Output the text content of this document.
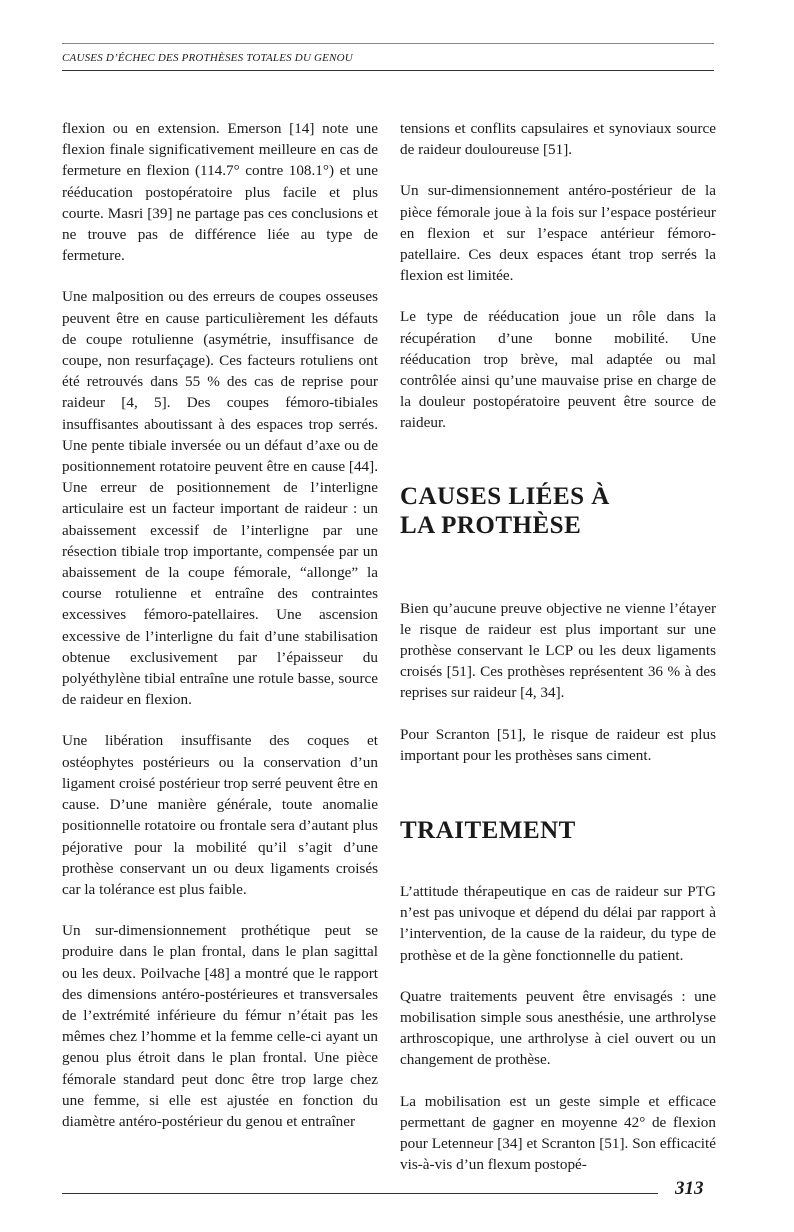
CAUSES D’ÉCHEC DES PROTHÈSES TOTALES DU GENOU

flexion ou en extension. Emerson [14] note une flexion finale significativement meilleure en cas de fermeture en flexion (114.7° contre 108.1°) et une rééducation postopératoire plus facile et plus courte. Masri [39] ne partage pas ces conclusions et ne trouve pas de différence liée au type de fermeture.

Une malposition ou des erreurs de coupes osseuses peuvent être en cause particulièrement les défauts de coupe rotulienne (asymétrie, insuffisance de coupe, non resurfaçage). Ces facteurs rotuliens ont été retrouvés dans 55 % des cas de reprise pour raideur [4, 5]. Des coupes fémoro-tibiales insuffisantes aboutissant à des espaces trop serrés. Une pente tibiale inversée ou un défaut d’axe ou de positionnement rotatoire peuvent être en cause [44]. Une erreur de positionnement de l’interligne articulaire est un facteur important de raideur : un abaissement excessif de l’interligne par une résection tibiale trop importante, compensée par un abaissement de la coupe fémorale, “allonge” la course rotulienne et entraîne des contraintes excessives fémoro-patellaires. Une ascension excessive de l’interligne du fait d’une stabilisation obtenue exclusivement par l’épaisseur du polyéthylène tibial entraîne une rotule basse, source de raideur en flexion.

Une libération insuffisante des coques et ostéophytes postérieurs ou la conservation d’un ligament croisé postérieur trop serré peuvent être en cause. D’une manière générale, toute anomalie positionnelle rotatoire ou frontale sera d’autant plus péjorative pour la mobilité qu’il s’agit d’une prothèse conservant un ou deux ligaments croisés car la tolérance est plus faible.

Un sur-dimensionnement prothétique peut se produire dans le plan frontal, dans le plan sagittal ou les deux. Poilvache [48] a montré que le rapport des dimensions antéro-postérieures et transversales de l’extrémité inférieure du fémur n’était pas les mêmes chez l’homme et la femme celle-ci ayant un genou plus étroit dans le plan frontal. Une pièce fémorale standard peut donc être trop large chez une femme, si elle est ajustée en fonction du diamètre antéro-postérieur du genou et entraîner

tensions et conflits capsulaires et synoviaux source de raideur douloureuse [51].

Un sur-dimensionnement antéro-postérieur de la pièce fémorale joue à la fois sur l’espace postérieur en flexion et sur l’espace antérieur fémoro-patellaire. Ces deux espaces étant trop serrés la flexion est limitée.

Le type de rééducation joue un rôle dans la récupération d’une bonne mobilité. Une rééducation trop brève, mal adaptée ou mal contrôlée ainsi qu’une mauvaise prise en charge de la douleur postopératoire peuvent être source de raideur.

CAUSES LIÉES À
LA PROTHÈSE

Bien qu’aucune preuve objective ne vienne l’étayer le risque de raideur est plus important sur une prothèse conservant le LCP ou les deux ligaments croisés [51]. Ces prothèses représentent 36 % à des reprises sur raideur [4, 34].

Pour Scranton [51], le risque de raideur est plus important pour les prothèses sans ciment.

TRAITEMENT

L’attitude thérapeutique en cas de raideur sur PTG n’est pas univoque et dépend du délai par rapport à l’intervention, de la cause de la raideur, du type de prothèse et de la gène fonctionnelle du patient.

Quatre traitements peuvent être envisagés : une mobilisation simple sous anesthésie, une arthrolyse arthroscopique, une arthrolyse à ciel ouvert ou un changement de prothèse.

La mobilisation est un geste simple et efficace permettant de gagner en moyenne 42° de flexion pour Letenneur [34] et Scranton [51]. Son efficacité vis-à-vis d’un flexum postopé-

313
